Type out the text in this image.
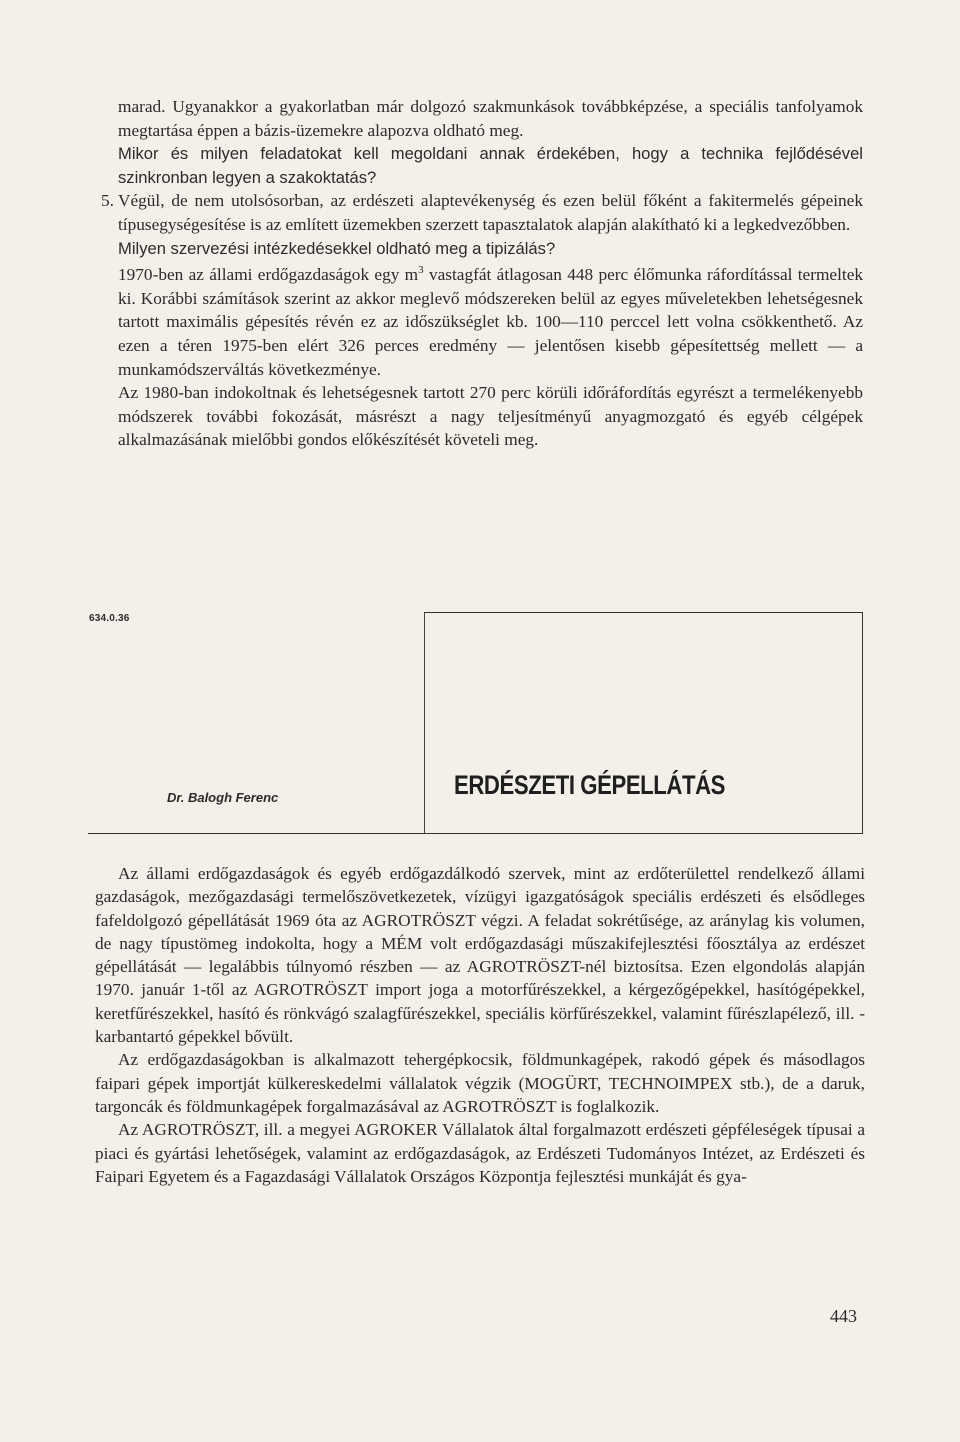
marad. Ugyanakkor a gyakorlatban már dolgozó szakmunkások továbbképzése, a speciális tanfolyamok megtartása éppen a bázis-üzemekre alapozva oldható meg.

Mikor és milyen feladatokat kell megoldani annak érdekében, hogy a technika fejlődésével szinkronban legyen a szakoktatás?

5. Végül, de nem utolsósorban, az erdészeti alaptevékenység és ezen belül főként a fakitermelés gépeinek típusegységesítése is az említett üzemekben szerzett tapasztalatok alapján alakítható ki a legkedvezőbben.

Milyen szervezési intézkedésekkel oldható meg a tipizálás?

1970-ben az állami erdőgazdaságok egy $m^3$ vastagfát átlagosan 448 perc élőmunka ráfordítással termeltek ki. Korábbi számítások szerint az akkor meglevő módszereken belül az egyes műveletekben lehetségesnek tartott maximális gépesítés révén ez az időszükséglet kb. 100—110 perccel lett volna csökkenthető. Az ezen a téren 1975-ben elért 326 perces eredmény — jelentősen kisebb gépesítettség mellett — a munkamódszerváltás következménye.

Az 1980-ban indokoltnak és lehetségesnek tartott 270 perc körüli időráfordítás egyrészt a termelékenyebb módszerek további fokozását, másrészt a nagy teljesítményű anyagmozgató és egyéb célgépek alkalmazásának mielőbbi gondos előkészítését követeli meg.

634.0.36
Dr. Balogh Ferenc	ERDÉSZETI GÉPELLÁTÁS

Az állami erdőgazdaságok és egyéb erdőgazdálkodó szervek, mint az erdőterülettel rendelkező állami gazdaságok, mezőgazdasági termelőszövetkezetek, vízügyi igazgatóságok speciális erdészeti és elsődleges fafeldolgozó gépellátását 1969 óta az AGROTRÖSZT végzi. A feladat sokrétűsége, az aránylag kis volumen, de nagy típustömeg indokolta, hogy a MÉM volt erdőgazdasági műszakifejlesztési főosztálya az erdészet gépellátását — legalábbis túlnyomó részben — az AGROTRÖSZT-nél biztosítsa. Ezen elgondolás alapján 1970. január 1-től az AGROTRÖSZT import joga a motorfűrészekkel, a kérgezőgépekkel, hasítógépekkel, keretfűrészekkel, hasító és rönkvágó szalagfűrészekkel, speciális körfűrészekkel, valamint fűrészlapélező, ill. -karbantartó gépekkel bővült.

Az erdőgazdaságokban is alkalmazott tehergépkocsik, földmunkagépek, rakodó gépek és másodlagos faipari gépek importját külkereskedelmi vállalatok végzik (MOGÜRT, TECHNOIMPEX stb.), de a daruk, targoncák és földmunkagépek forgalmazásával az AGROTRÖSZT is foglalkozik.

Az AGROTRÖSZT, ill. a megyei AGROKER Vállalatok által forgalmazott erdészeti gépféleségek típusai a piaci és gyártási lehetőségek, valamint az erdőgazdaságok, az Erdészeti Tudományos Intézet, az Erdészeti és Faipari Egyetem és a Fagazdasági Vállalatok Országos Központja fejlesztési munkáját és gya-

443
